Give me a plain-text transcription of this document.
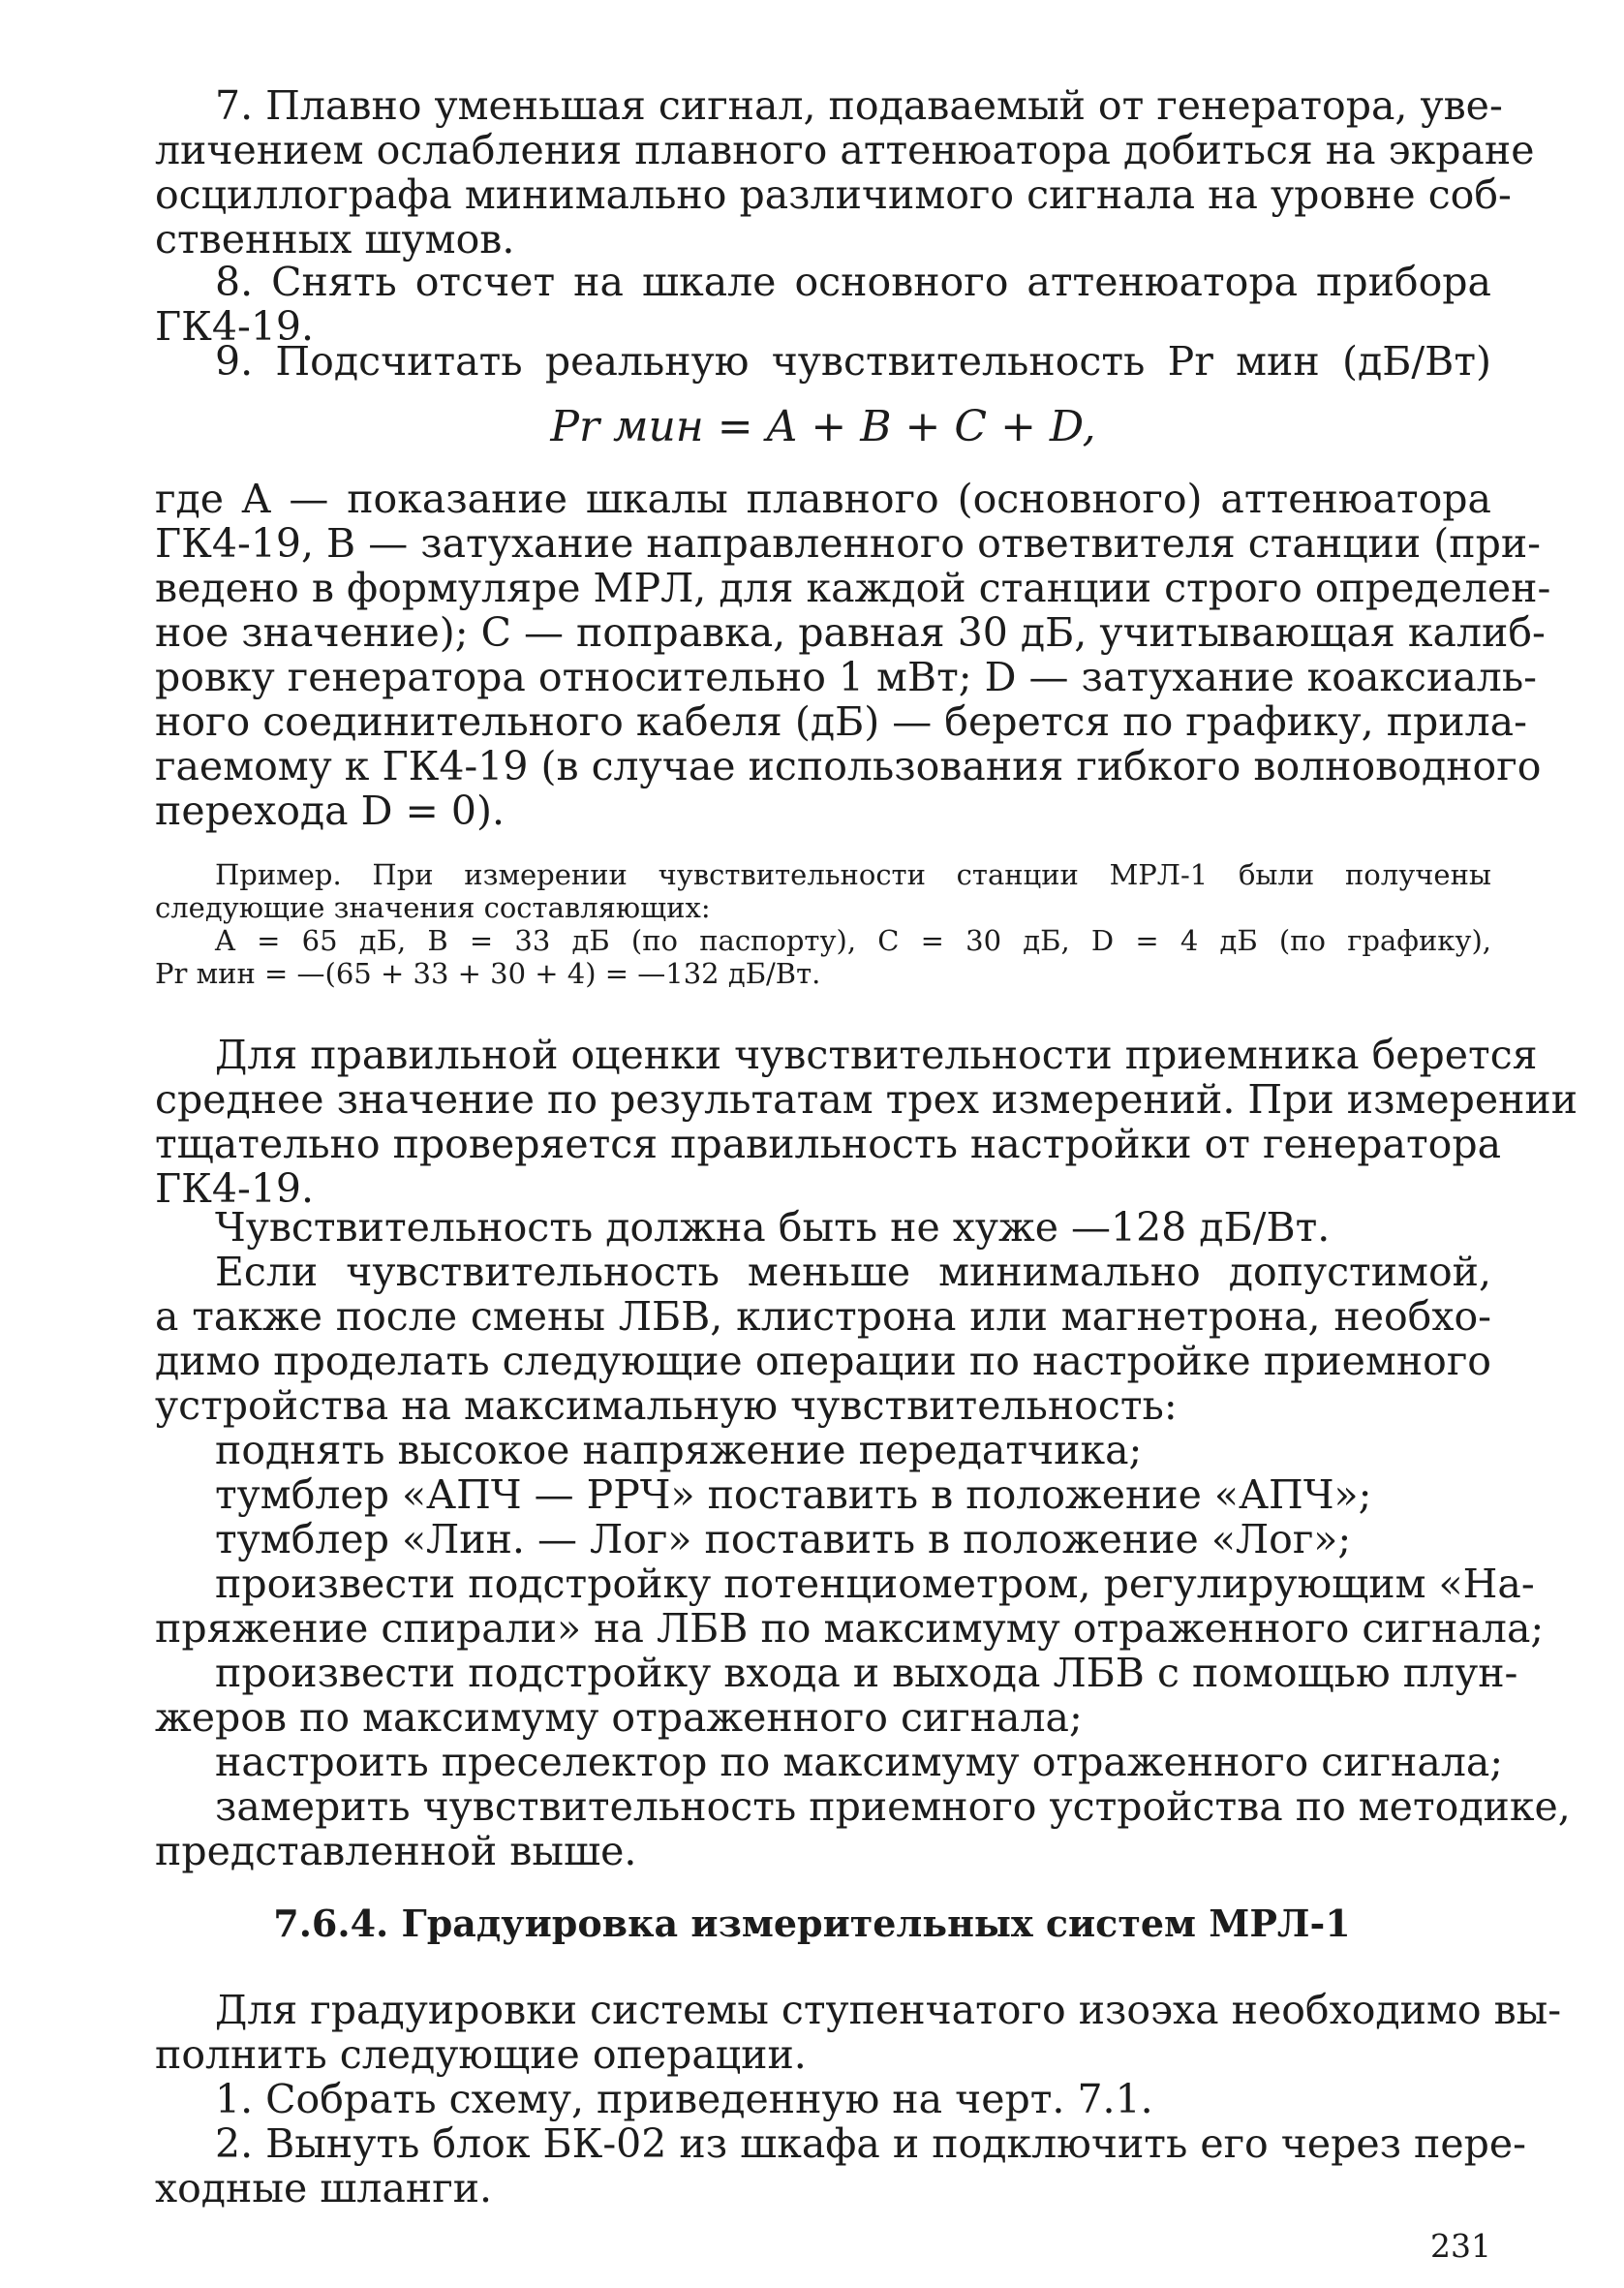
7. Плавно уменьшая сигнал, подаваемый от генератора, уве-
личением ослабления плавного аттенюатора добиться на экране
осциллографа минимально различимого сигнала на уровне соб-
ственных шумов.
8. Снять отсчет на шкале основного аттенюатора прибора
ГК4-19.
9. Подсчитать реальную чувствительность Pr мин (дБ/Вт)
Pr мин = A + B + C + D,
где A — показание шкалы плавного (основного) аттенюатора
ГК4-19, B — затухание направленного ответвителя станции (при-
ведено в формуляре МРЛ, для каждой станции строго определен-
ное значение); C — поправка, равная 30 дБ, учитывающая калиб-
ровку генератора относительно 1 мВт; D — затухание коаксиаль-
ного соединительного кабеля (дБ) — берется по графику, прила-
гаемому к ГК4-19 (в случае использования гибкого волноводного
перехода D = 0).
Пример. При измерении чувствительности станции МРЛ-1 были получены
следующие значения составляющих:
A = 65 дБ, B = 33 дБ (по паспорту), C = 30 дБ, D = 4 дБ (по графику),
Pr мин = —(65 + 33 + 30 + 4) = —132 дБ/Вт.
Для правильной оценки чувствительности приемника берется
среднее значение по результатам трех измерений. При измерении
тщательно проверяется правильность настройки от генератора
ГК4-19.
Чувствительность должна быть не хуже —128 дБ/Вт.
Если чувствительность меньше минимально допустимой,
а также после смены ЛБВ, клистрона или магнетрона, необхо-
димо проделать следующие операции по настройке приемного
устройства на максимальную чувствительность:
поднять высокое напряжение передатчика;
тумблер «АПЧ — РРЧ» поставить в положение «АПЧ»;
тумблер «Лин. — Лог» поставить в положение «Лог»;
произвести подстройку потенциометром, регулирующим «На-
пряжение спирали» на ЛБВ по максимуму отраженного сигнала;
произвести подстройку входа и выхода ЛБВ с помощью плун-
жеров по максимуму отраженного сигнала;
настроить преселектор по максимуму отраженного сигнала;
замерить чувствительность приемного устройства по методике,
представленной выше.
7.6.4. Градуировка измерительных систем МРЛ-1
Для градуировки системы ступенчатого изоэха необходимо вы-
полнить следующие операции.
1. Собрать схему, приведенную на черт. 7.1.
2. Вынуть блок БК-02 из шкафа и подключить его через пере-
ходные шланги.
231
